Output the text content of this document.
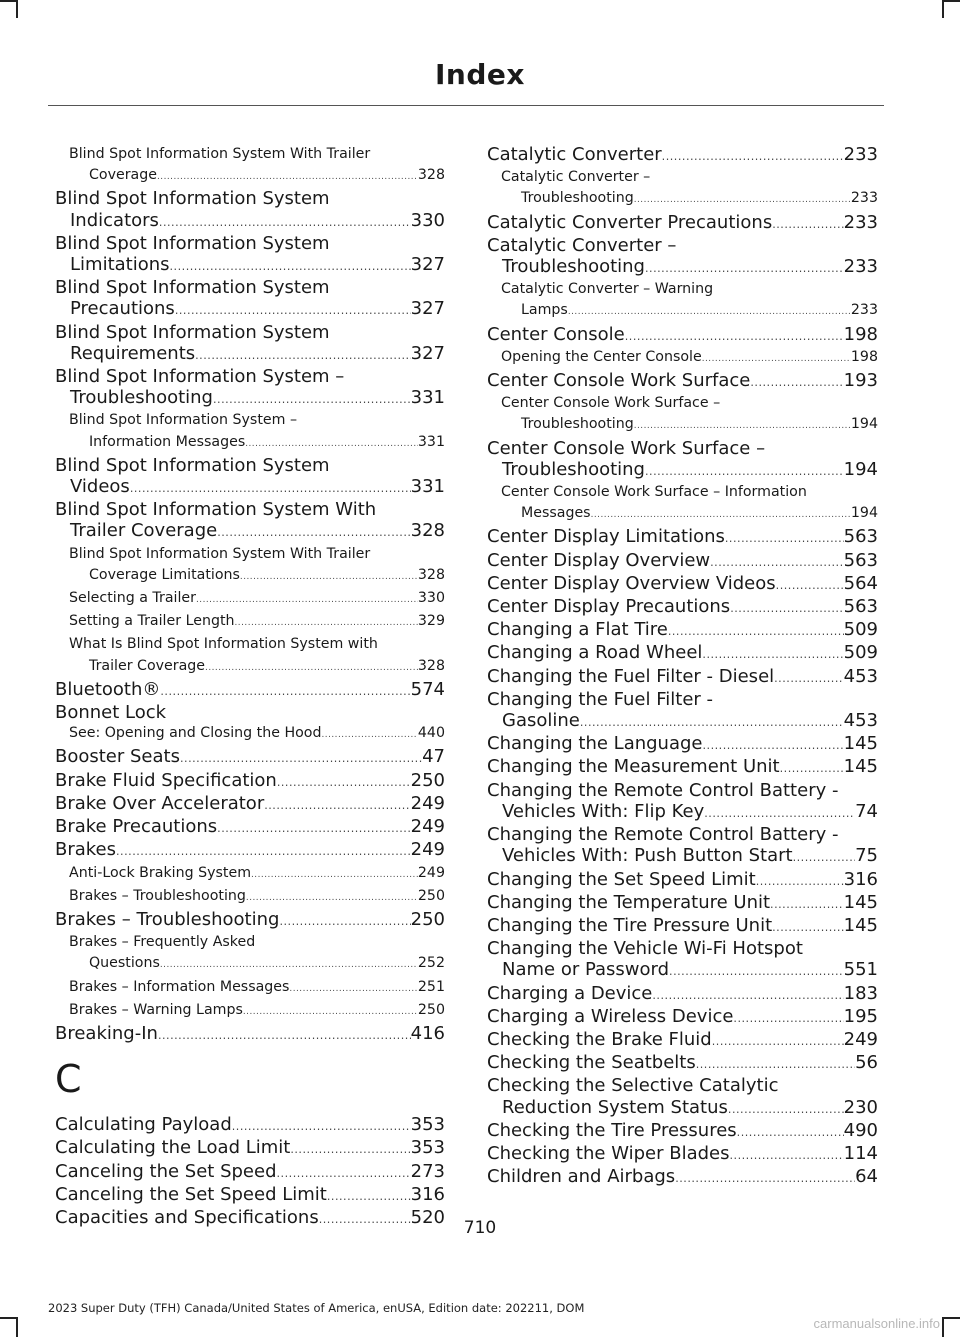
Index
Blind Spot Information System With Trailer
Coverage .....	328
Blind Spot Information System
Indicators .....	330
Blind Spot Information System
Limitations .....	327
Blind Spot Information System
Precautions .....	327
Blind Spot Information System
Requirements .....	327
Blind Spot Information System –
Troubleshooting .....	331
Blind Spot Information System –
Information Messages .....	331
Blind Spot Information System
Videos .....	331
Blind Spot Information System With
Trailer Coverage .....	328
Blind Spot Information System With Trailer
Coverage Limitations .....	328
Selecting a Trailer .....	330
Setting a Trailer Length .....	329
What Is Blind Spot Information System with
Trailer Coverage .....	328
Bluetooth® .....	574
Bonnet Lock
See: Opening and Closing the Hood .....	440
Booster Seats .....	47
Brake Fluid Specification .....	250
Brake Over Accelerator .....	249
Brake Precautions .....	249
Brakes .....	249
Anti-Lock Braking System .....	249
Brakes – Troubleshooting .....	250
Brakes – Troubleshooting .....	250
Brakes – Frequently Asked
Questions .....	252
Brakes – Information Messages .....	251
Brakes – Warning Lamps .....	250
Breaking-In .....	416
C
Calculating Payload .....	353
Calculating the Load Limit .....	353
Canceling the Set Speed .....	273
Canceling the Set Speed Limit .....	316
Capacities and Specifications .....	520
Catalytic Converter .....	233
Catalytic Converter –
Troubleshooting .....	233
Catalytic Converter Precautions .....	233
Catalytic Converter –
Troubleshooting .....	233
Catalytic Converter – Warning
Lamps .....	233
Center Console .....	198
Opening the Center Console .....	198
Center Console Work Surface .....	193
Center Console Work Surface –
Troubleshooting .....	194
Center Console Work Surface –
Troubleshooting .....	194
Center Console Work Surface – Information
Messages .....	194
Center Display Limitations .....	563
Center Display Overview .....	563
Center Display Overview Videos .....	564
Center Display Precautions .....	563
Changing a Flat Tire .....	509
Changing a Road Wheel .....	509
Changing the Fuel Filter - Diesel .....	453
Changing the Fuel Filter -
Gasoline .....	453
Changing the Language .....	145
Changing the Measurement Unit .....	145
Changing the Remote Control Battery -
Vehicles With: Flip Key .....	74
Changing the Remote Control Battery -
Vehicles With: Push Button Start .....	75
Changing the Set Speed Limit .....	316
Changing the Temperature Unit .....	145
Changing the Tire Pressure Unit .....	145
Changing the Vehicle Wi-Fi Hotspot
Name or Password .....	551
Charging a Device .....	183
Charging a Wireless Device .....	195
Checking the Brake Fluid .....	249
Checking the Seatbelts .....	56
Checking the Selective Catalytic
Reduction System Status .....	230
Checking the Tire Pressures .....	490
Checking the Wiper Blades .....	114
Children and Airbags .....	64
710
2023 Super Duty (TFH) Canada/United States of America, enUSA, Edition date: 202211, DOM
carmanualsonline.info
